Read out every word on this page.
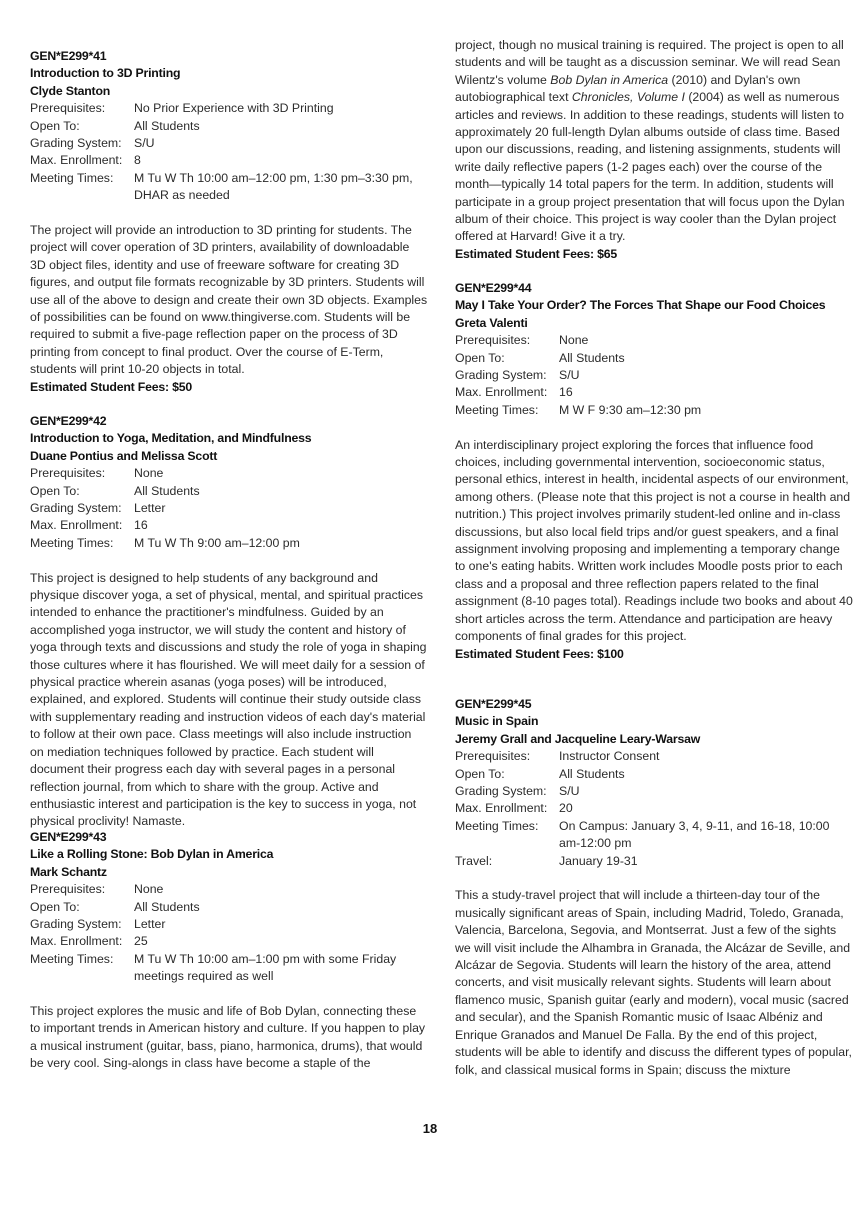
GEN*E299*41
Introduction to 3D Printing
Clyde Stanton
Prerequisites:	No Prior Experience with 3D Printing
Open To:	All Students
Grading System:	S/U
Max. Enrollment: 8
Meeting Times:	M Tu W Th 10:00 am–12:00 pm, 1:30 pm–3:30 pm, DHAR as needed

The project will provide an introduction to 3D printing for students. The project will cover operation of 3D printers, availability of downloadable 3D object files, identity and use of freeware software for creating 3D figures, and output file formats recognizable by 3D printers. Students will use all of the above to design and create their own 3D objects. Examples of possibilities can be found on www.thingiverse.com. Students will be required to submit a five-page reflection paper on the process of 3D printing from concept to final product. Over the course of E-Term, students will print 10-20 objects in total.

Estimated Student Fees: $50
GEN*E299*42
Introduction to Yoga, Meditation, and Mindfulness
Duane Pontius and Melissa Scott
Prerequisites:	None
Open To:	All Students
Grading System:	Letter
Max. Enrollment: 16
Meeting Times:	M Tu W Th 9:00 am–12:00 pm

This project is designed to help students of any background and physique discover yoga, a set of physical, mental, and spiritual practices intended to enhance the practitioner's mindfulness. Guided by an accomplished yoga instructor, we will study the content and history of yoga through texts and discussions and study the role of yoga in shaping those cultures where it has flourished. We will meet daily for a session of physical practice wherein asanas (yoga poses) will be introduced, explained, and explored. Students will continue their study outside class with supplementary reading and instruction videos of each day's material to follow at their own pace. Class meetings will also include instruction on mediation techniques followed by practice. Each student will document their progress each day with several pages in a personal reflection journal, from which to share with the group. Active and enthusiastic interest and participation is the key to success in yoga, not physical proclivity! Namaste.

GEN*E299*43
Like a Rolling Stone: Bob Dylan in America
Mark Schantz
Prerequisites:	None
Open To:	All Students
Grading System:	Letter
Max. Enrollment: 25
Meeting Times:	M Tu W Th 10:00 am–1:00 pm with some Friday meetings required as well

This project explores the music and life of Bob Dylan, connecting these to important trends in American history and culture. If you happen to play a musical instrument (guitar, bass, piano, harmonica, drums), that would be very cool. Sing-alongs in class have become a staple of the

project, though no musical training is required. The project is open to all students and will be taught as a discussion seminar. We will read Sean Wilentz's volume Bob Dylan in America (2010) and Dylan's own autobiographical text Chronicles, Volume I (2004) as well as numerous articles and reviews. In addition to these readings, students will listen to approximately 20 full-length Dylan albums outside of class time. Based upon our discussions, reading, and listening assignments, students will write daily reflective papers (1-2 pages each) over the course of the month—typically 14 total papers for the term. In addition, students will participate in a group project presentation that will focus upon the Dylan album of their choice. This project is way cooler than the Dylan project offered at Harvard! Give it a try.

Estimated Student Fees: $65
GEN*E299*44
May I Take Your Order? The Forces That Shape our Food Choices
Greta Valenti
Prerequisites:	None
Open To:	All Students
Grading System:	S/U
Max. Enrollment: 16
Meeting Times:	M W F 9:30 am–12:30 pm

An interdisciplinary project exploring the forces that influence food choices, including governmental intervention, socioeconomic status, personal ethics, interest in health, incidental aspects of our environment, among others. (Please note that this project is not a course in health and nutrition.) This project involves primarily student-led online and in-class discussions, but also local field trips and/or guest speakers, and a final assignment involving proposing and implementing a temporary change to one's eating habits. Written work includes Moodle posts prior to each class and a proposal and three reflection papers related to the final assignment (8-10 pages total). Readings include two books and about 40 short articles across the term. Attendance and participation are heavy components of final grades for this project.

Estimated Student Fees: $100
GEN*E299*45
Music in Spain
Jeremy Grall and Jacqueline Leary-Warsaw
Prerequisites:	Instructor Consent
Open To:	All Students
Grading System:	S/U
Max. Enrollment: 20
Meeting Times:	On Campus: January 3, 4, 9-11, and 16-18, 10:00 am-12:00 pm
Travel:	January 19-31

This a study-travel project that will include a thirteen-day tour of the musically significant areas of Spain, including Madrid, Toledo, Granada, Valencia, Barcelona, Segovia, and Montserrat. Just a few of the sights we will visit include the Alhambra in Granada, the Alcázar de Seville, and Alcázar de Segovia. Students will learn the history of the area, attend concerts, and visit musically relevant sights. Students will learn about flamenco music, Spanish guitar (early and modern), vocal music (sacred and secular), and the Spanish Romantic music of Isaac Albéniz and Enrique Granados and Manuel De Falla. By the end of this project, students will be able to identify and discuss the different types of popular, folk, and classical musical forms in Spain; discuss the mixture

18
